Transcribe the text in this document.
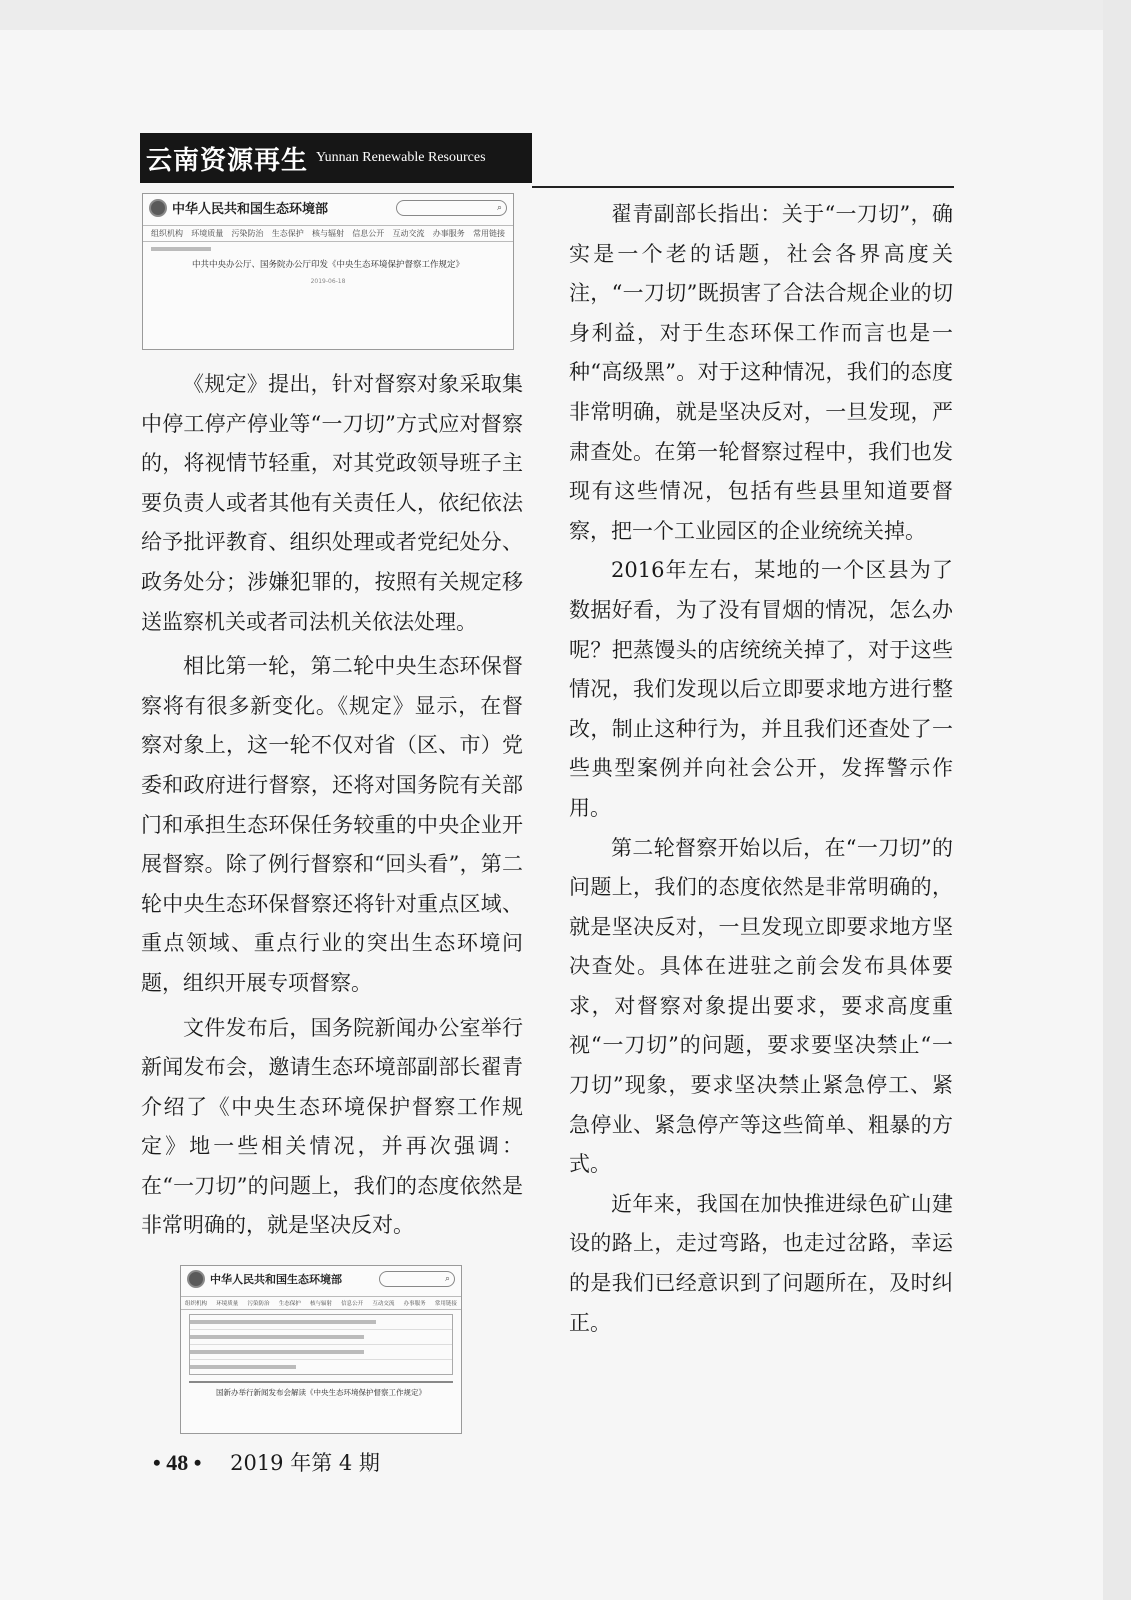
云南资源再生 Yunnan Renewable Resources
中华人民共和国生态环境部	⌕
组织机构 环境质量 污染防治 生态保护 核与辐射 信息公开 互动交流 办事服务 常用链接
中共中央办公厅、国务院办公厅印发《中央生态环境保护督察工作规定》
2019-06-18

《规定》提出，针对督察对象采取集中停工停产停业等“一刀切”方式应对督察的，将视情节轻重，对其党政领导班子主要负责人或者其他有关责任人，依纪依法给予批评教育、组织处理或者党纪处分、政务处分；涉嫌犯罪的，按照有关规定移送监察机关或者司法机关依法处理。

相比第一轮，第二轮中央生态环保督察将有很多新变化。《规定》显示，在督察对象上，这一轮不仅对省（区、市）党委和政府进行督察，还将对国务院有关部门和承担生态环保任务较重的中央企业开展督察。除了例行督察和“回头看”，第二轮中央生态环保督察还将针对重点区域、重点领域、重点行业的突出生态环境问题，组织开展专项督察。

文件发布后，国务院新闻办公室举行新闻发布会，邀请生态环境部副部长翟青介绍了《中央生态环境保护督察工作规定》地一些相关情况，并再次强调：在“一刀切”的问题上，我们的态度依然是非常明确的，就是坚决反对。

中华人民共和国生态环境部	⌕
组织机构 环境质量 污染防治 生态保护 核与辐射 信息公开 互动交流 办事服务 常用链接
国新办举行新闻发布会解读《中央生态环境保护督察工作规定》

翟青副部长指出：关于“一刀切”，确实是一个老的话题，社会各界高度关注，“一刀切”既损害了合法合规企业的切身利益，对于生态环保工作而言也是一种“高级黑”。对于这种情况，我们的态度非常明确，就是坚决反对，一旦发现，严肃查处。在第一轮督察过程中，我们也发现有这些情况，包括有些县里知道要督察，把一个工业园区的企业统统关掉。

2016年左右，某地的一个区县为了数据好看，为了没有冒烟的情况，怎么办呢？把蒸馒头的店统统关掉了，对于这些情况，我们发现以后立即要求地方进行整改，制止这种行为，并且我们还查处了一些典型案例并向社会公开，发挥警示作用。

第二轮督察开始以后，在“一刀切”的问题上，我们的态度依然是非常明确的，就是坚决反对，一旦发现立即要求地方坚决查处。具体在进驻之前会发布具体要求，对督察对象提出要求，要求高度重视“一刀切”的问题，要求要坚决禁止“一刀切”现象，要求坚决禁止紧急停工、紧急停业、紧急停产等这些简单、粗暴的方式。

近年来，我国在加快推进绿色矿山建设的路上，走过弯路，也走过岔路，幸运的是我们已经意识到了问题所在，及时纠正。

• 48 • 2019 年第 4 期
